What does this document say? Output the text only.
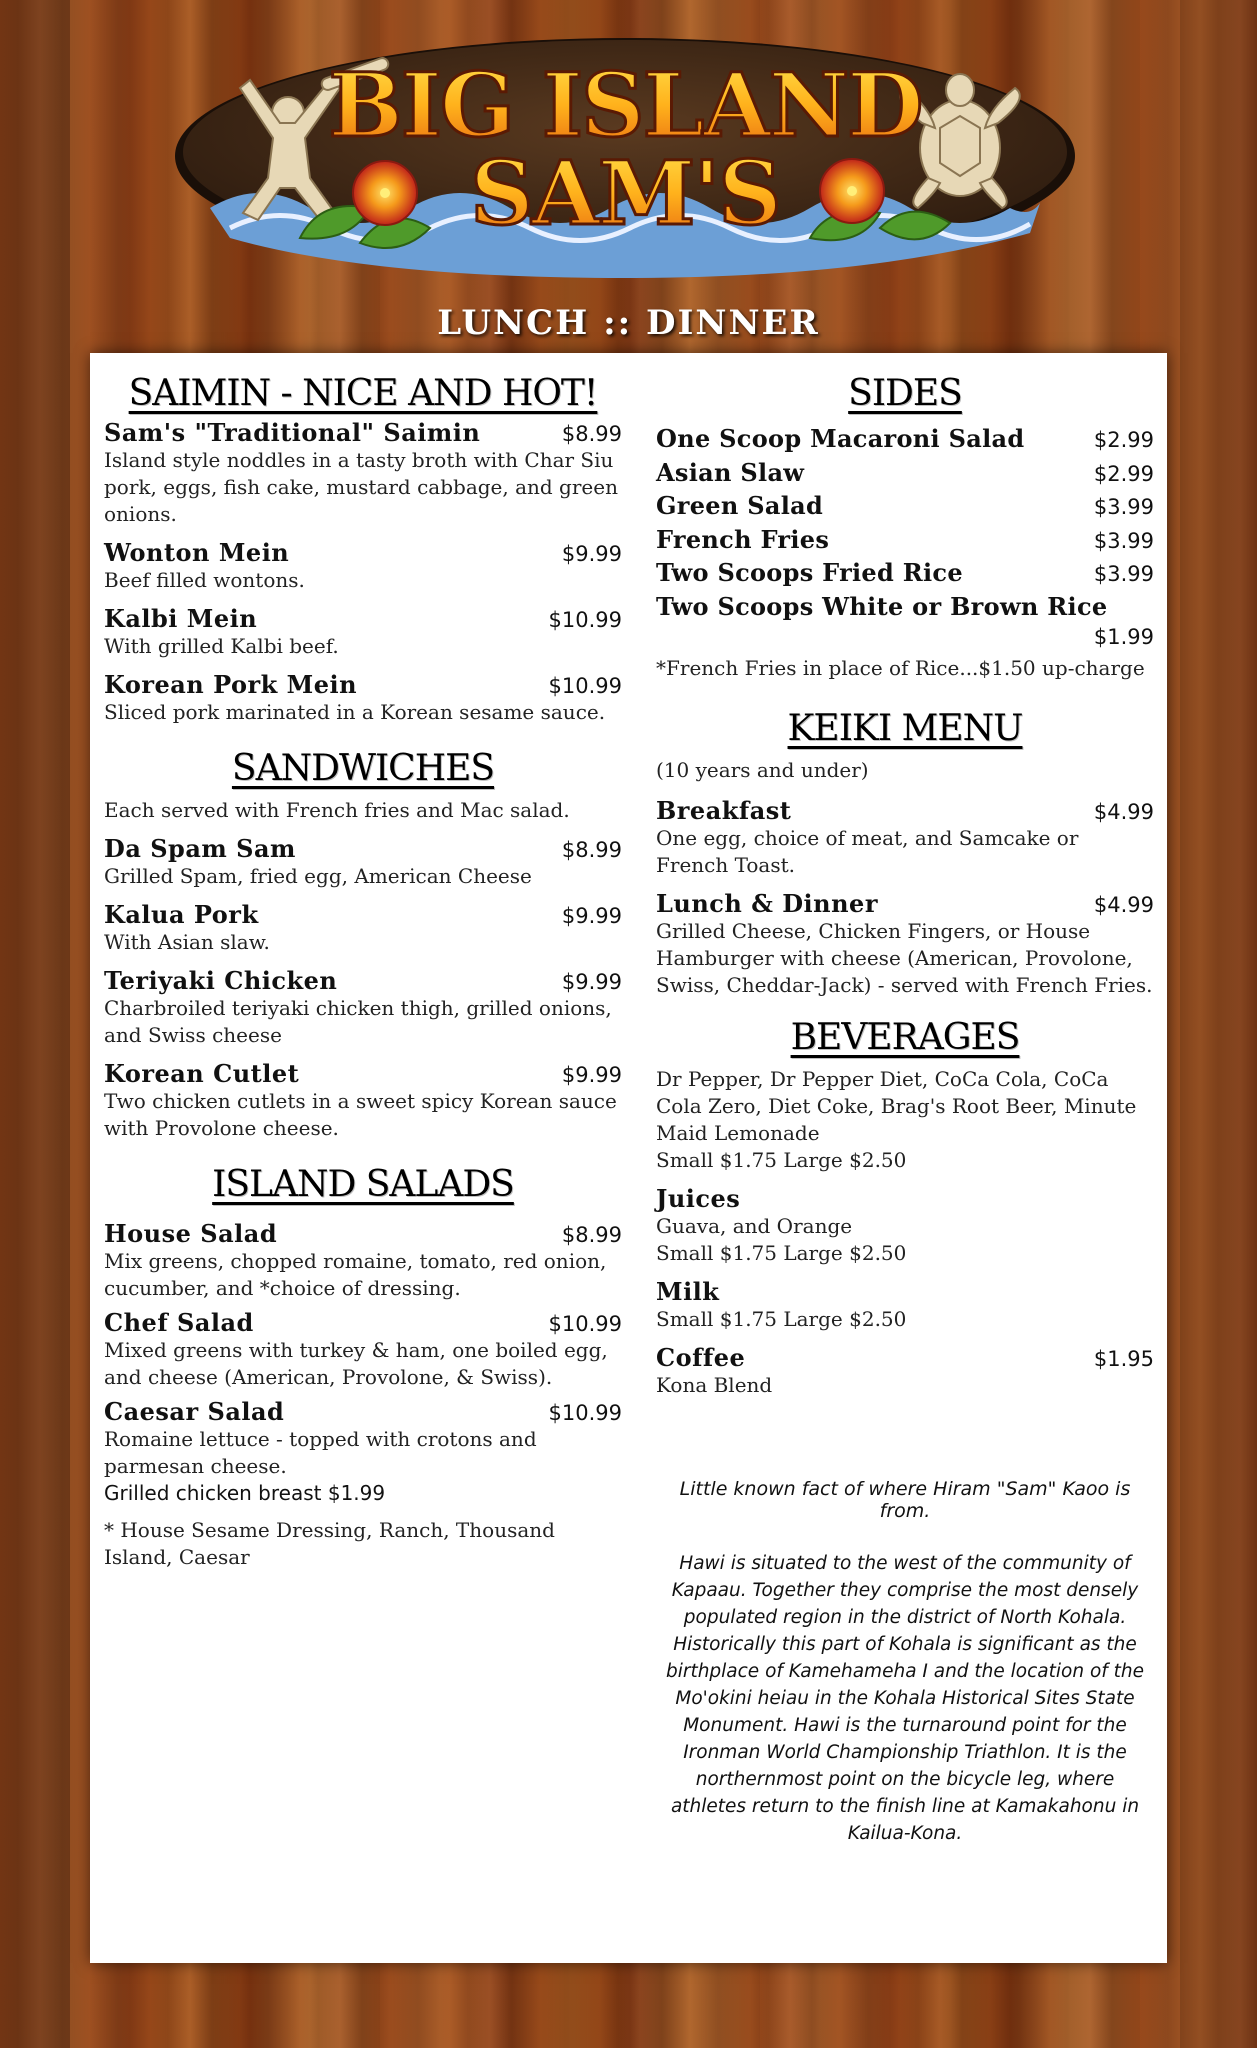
BIG ISLAND
SAM'S
LUNCH :: DINNER
SAIMIN - NICE AND HOT!
Sam's "Traditional" Saimin	$8.99
Island style noddles in a tasty broth with Char Siu pork, eggs, fish cake, mustard cabbage, and green onions.
Wonton Mein	$9.99
Beef filled wontons.
Kalbi Mein	$10.99
With grilled Kalbi beef.
Korean Pork Mein	$10.99
Sliced pork marinated in a Korean sesame sauce.
SANDWICHES
Each served with French fries and Mac salad.
Da Spam Sam	$8.99
Grilled Spam, fried egg, American Cheese
Kalua Pork	$9.99
With Asian slaw.
Teriyaki Chicken	$9.99
Charbroiled teriyaki chicken thigh, grilled onions, and Swiss cheese
Korean Cutlet	$9.99
Two chicken cutlets in a sweet spicy Korean sauce with Provolone cheese.
ISLAND SALADS
House Salad	$8.99
Mix greens, chopped romaine, tomato, red onion, cucumber, and *choice of dressing.
Chef Salad	$10.99
Mixed greens with turkey & ham, one boiled egg, and cheese (American, Provolone, & Swiss).
Caesar Salad	$10.99
Romaine lettuce - topped with crotons and parmesan cheese.
Grilled chicken breast $1.99
* House Sesame Dressing, Ranch, Thousand Island, Caesar
SIDES
One Scoop Macaroni Salad	$2.99
Asian Slaw	$2.99
Green Salad	$3.99
French Fries	$3.99
Two Scoops Fried Rice	$3.99
Two Scoops White or Brown Rice
$1.99
*French Fries in place of Rice...$1.50 up-charge
KEIKI MENU
(10 years and under)
Breakfast	$4.99
One egg, choice of meat, and Samcake or French Toast.
Lunch & Dinner	$4.99
Grilled Cheese, Chicken Fingers, or House Hamburger with cheese (American, Provolone, Swiss, Cheddar-Jack) - served with French Fries.
BEVERAGES
Dr Pepper, Dr Pepper Diet, CoCa Cola, CoCa Cola Zero, Diet Coke, Brag's Root Beer, Minute Maid Lemonade
Small $1.75 Large $2.50
Juices
Guava, and Orange
Small $1.75 Large $2.50
Milk
Small $1.75 Large $2.50
Coffee	$1.95
Kona Blend
Little known fact of where Hiram "Sam" Kaoo is from.
Hawi is situated to the west of the community of Kapaau. Together they comprise the most densely populated region in the district of North Kohala. Historically this part of Kohala is significant as the birthplace of Kamehameha I and the location of the Mo'okini heiau in the Kohala Historical Sites State Monument. Hawi is the turnaround point for the Ironman World Championship Triathlon. It is the northernmost point on the bicycle leg, where athletes return to the finish line at Kamakahonu in Kailua-Kona.
